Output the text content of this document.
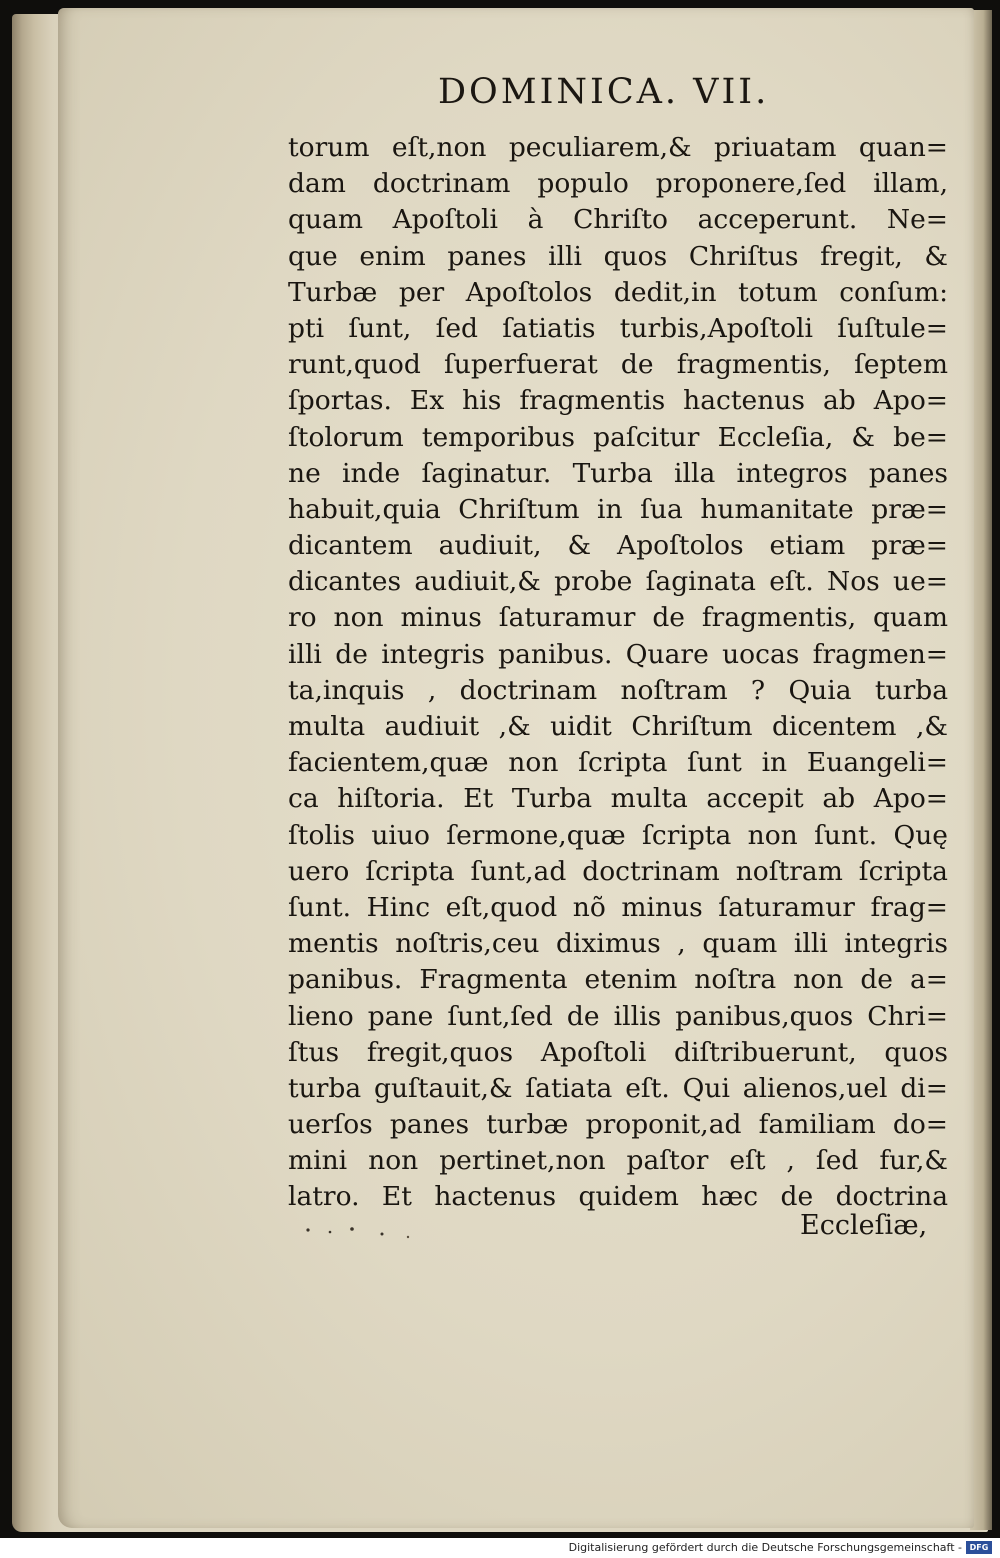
DOMINICA. VII.
torum eſt,non peculiarem,& priuatam quan=
dam doctrinam populo proponere,ſed illam,
quam Apoſtoli à Chriſto acceperunt. Ne=
que enim panes illi quos Chriſtus fregit, &
Turbæ per Apoſtolos dedit,in totum conſum:
pti ſunt, ſed ſatiatis turbis,Apoſtoli ſuſtule=
runt,quod ſuperfuerat de fragmentis, ſeptem
ſportas. Ex his fragmentis hactenus ab Apo=
ſtolorum temporibus paſcitur Eccleſia, & be=
ne inde ſaginatur. Turba illa integros panes
habuit,quia Chriſtum in ſua humanitate præ=
dicantem audiuit, & Apoſtolos etiam præ=
dicantes audiuit,& probe ſaginata eſt. Nos ue=
ro non minus ſaturamur de fragmentis, quam
illi de integris panibus. Quare uocas fragmen=
ta,inquis , doctrinam noſtram ? Quia turba
multa audiuit ,& uidit Chriſtum dicentem ,&
facientem,quæ non ſcripta ſunt in Euangeli=
ca hiſtoria. Et Turba multa accepit ab Apo=
ſtolis uiuo ſermone,quæ ſcripta non ſunt. Quę
uero ſcripta ſunt,ad doctrinam noſtram ſcripta
ſunt. Hinc eſt,quod nõ minus ſaturamur frag=
mentis noſtris,ceu diximus , quam illi integris
panibus. Fragmenta etenim noſtra non de a=
lieno pane ſunt,ſed de illis panibus,quos Chri=
ſtus fregit,quos Apoſtoli diſtribuerunt, quos
turba guſtauit,& ſatiata eſt. Qui alienos,uel di=
uerſos panes turbæ proponit,ad familiam do=
mini non pertinet,non paſtor eſt , ſed fur,&
latro. Et hactenus quidem hæc de doctrina
Eccleſiæ,
Digitalisierung gefördert durch die Deutsche Forschungsgemeinschaft - DFG
